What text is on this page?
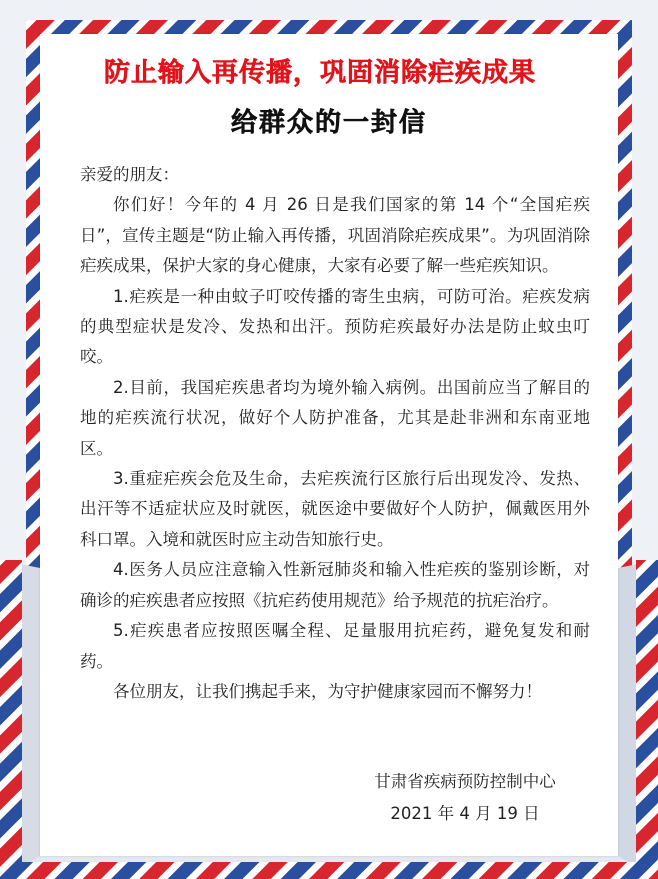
防止输入再传播，巩固消除疟疾成果
给群众的一封信

亲爱的朋友：

你们好！今年的 4 月 26 日是我们国家的第 14 个“全国疟疾日”，宣传主题是“防止输入再传播，巩固消除疟疾成果”。为巩固消除疟疾成果，保护大家的身心健康，大家有必要了解一些疟疾知识。

1.疟疾是一种由蚊子叮咬传播的寄生虫病，可防可治。疟疾发病的典型症状是发冷、发热和出汗。预防疟疾最好办法是防止蚊虫叮咬。

2.目前，我国疟疾患者均为境外输入病例。出国前应当了解目的地的疟疾流行状况，做好个人防护准备，尤其是赴非洲和东南亚地区。

3.重症疟疾会危及生命，去疟疾流行区旅行后出现发冷、发热、出汗等不适症状应及时就医，就医途中要做好个人防护，佩戴医用外科口罩。入境和就医时应主动告知旅行史。

4.医务人员应注意输入性新冠肺炎和输入性疟疾的鉴别诊断，对确诊的疟疾患者应按照《抗疟药使用规范》给予规范的抗疟治疗。

5.疟疾患者应按照医嘱全程、足量服用抗疟药，避免复发和耐药。

各位朋友，让我们携起手来，为守护健康家园而不懈努力！

甘肃省疾病预防控制中心
2021 年 4 月 19 日
